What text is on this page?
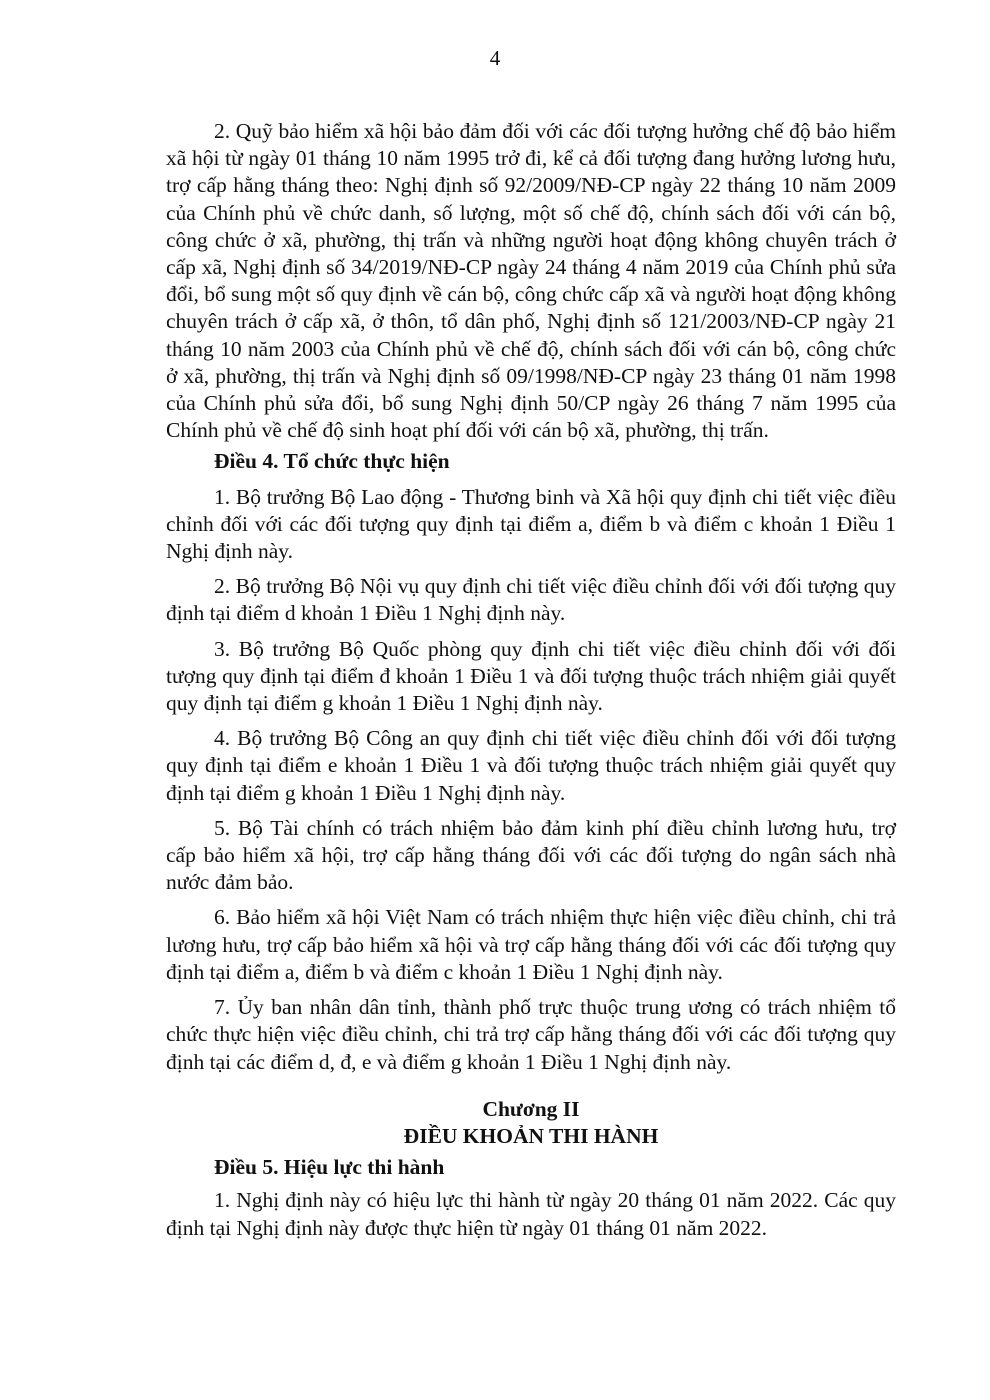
4

2. Quỹ bảo hiểm xã hội bảo đảm đối với các đối tượng hưởng chế độ bảo hiểm xã hội từ ngày 01 tháng 10 năm 1995 trở đi, kể cả đối tượng đang hưởng lương hưu, trợ cấp hằng tháng theo: Nghị định số 92/2009/NĐ-CP ngày 22 tháng 10 năm 2009 của Chính phủ về chức danh, số lượng, một số chế độ, chính sách đối với cán bộ, công chức ở xã, phường, thị trấn và những người hoạt động không chuyên trách ở cấp xã, Nghị định số 34/2019/NĐ-CP ngày 24 tháng 4 năm 2019 của Chính phủ sửa đổi, bổ sung một số quy định về cán bộ, công chức cấp xã và người hoạt động không chuyên trách ở cấp xã, ở thôn, tổ dân phố, Nghị định số 121/2003/NĐ-CP ngày 21 tháng 10 năm 2003 của Chính phủ về chế độ, chính sách đối với cán bộ, công chức ở xã, phường, thị trấn và Nghị định số 09/1998/NĐ-CP ngày 23 tháng 01 năm 1998 của Chính phủ sửa đổi, bổ sung Nghị định 50/CP ngày 26 tháng 7 năm 1995 của Chính phủ về chế độ sinh hoạt phí đối với cán bộ xã, phường, thị trấn.

Điều 4. Tổ chức thực hiện

1. Bộ trưởng Bộ Lao động - Thương binh và Xã hội quy định chi tiết việc điều chỉnh đối với các đối tượng quy định tại điểm a, điểm b và điểm c khoản 1 Điều 1 Nghị định này.

2. Bộ trưởng Bộ Nội vụ quy định chi tiết việc điều chỉnh đối với đối tượng quy định tại điểm d khoản 1 Điều 1 Nghị định này.

3. Bộ trưởng Bộ Quốc phòng quy định chi tiết việc điều chỉnh đối với đối tượng quy định tại điểm đ khoản 1 Điều 1 và đối tượng thuộc trách nhiệm giải quyết quy định tại điểm g khoản 1 Điều 1 Nghị định này.

4. Bộ trưởng Bộ Công an quy định chi tiết việc điều chỉnh đối với đối tượng quy định tại điểm e khoản 1 Điều 1 và đối tượng thuộc trách nhiệm giải quyết quy định tại điểm g khoản 1 Điều 1 Nghị định này.

5. Bộ Tài chính có trách nhiệm bảo đảm kinh phí điều chỉnh lương hưu, trợ cấp bảo hiểm xã hội, trợ cấp hằng tháng đối với các đối tượng do ngân sách nhà nước đảm bảo.

6. Bảo hiểm xã hội Việt Nam có trách nhiệm thực hiện việc điều chỉnh, chi trả lương hưu, trợ cấp bảo hiểm xã hội và trợ cấp hằng tháng đối với các đối tượng quy định tại điểm a, điểm b và điểm c khoản 1 Điều 1 Nghị định này.

7. Ủy ban nhân dân tỉnh, thành phố trực thuộc trung ương có trách nhiệm tổ chức thực hiện việc điều chỉnh, chi trả trợ cấp hằng tháng đối với các đối tượng quy định tại các điểm d, đ, e và điểm g khoản 1 Điều 1 Nghị định này.

Chương II

ĐIỀU KHOẢN THI HÀNH

Điều 5. Hiệu lực thi hành

1. Nghị định này có hiệu lực thi hành từ ngày 20 tháng 01 năm 2022. Các quy định tại Nghị định này được thực hiện từ ngày 01 tháng 01 năm 2022.
